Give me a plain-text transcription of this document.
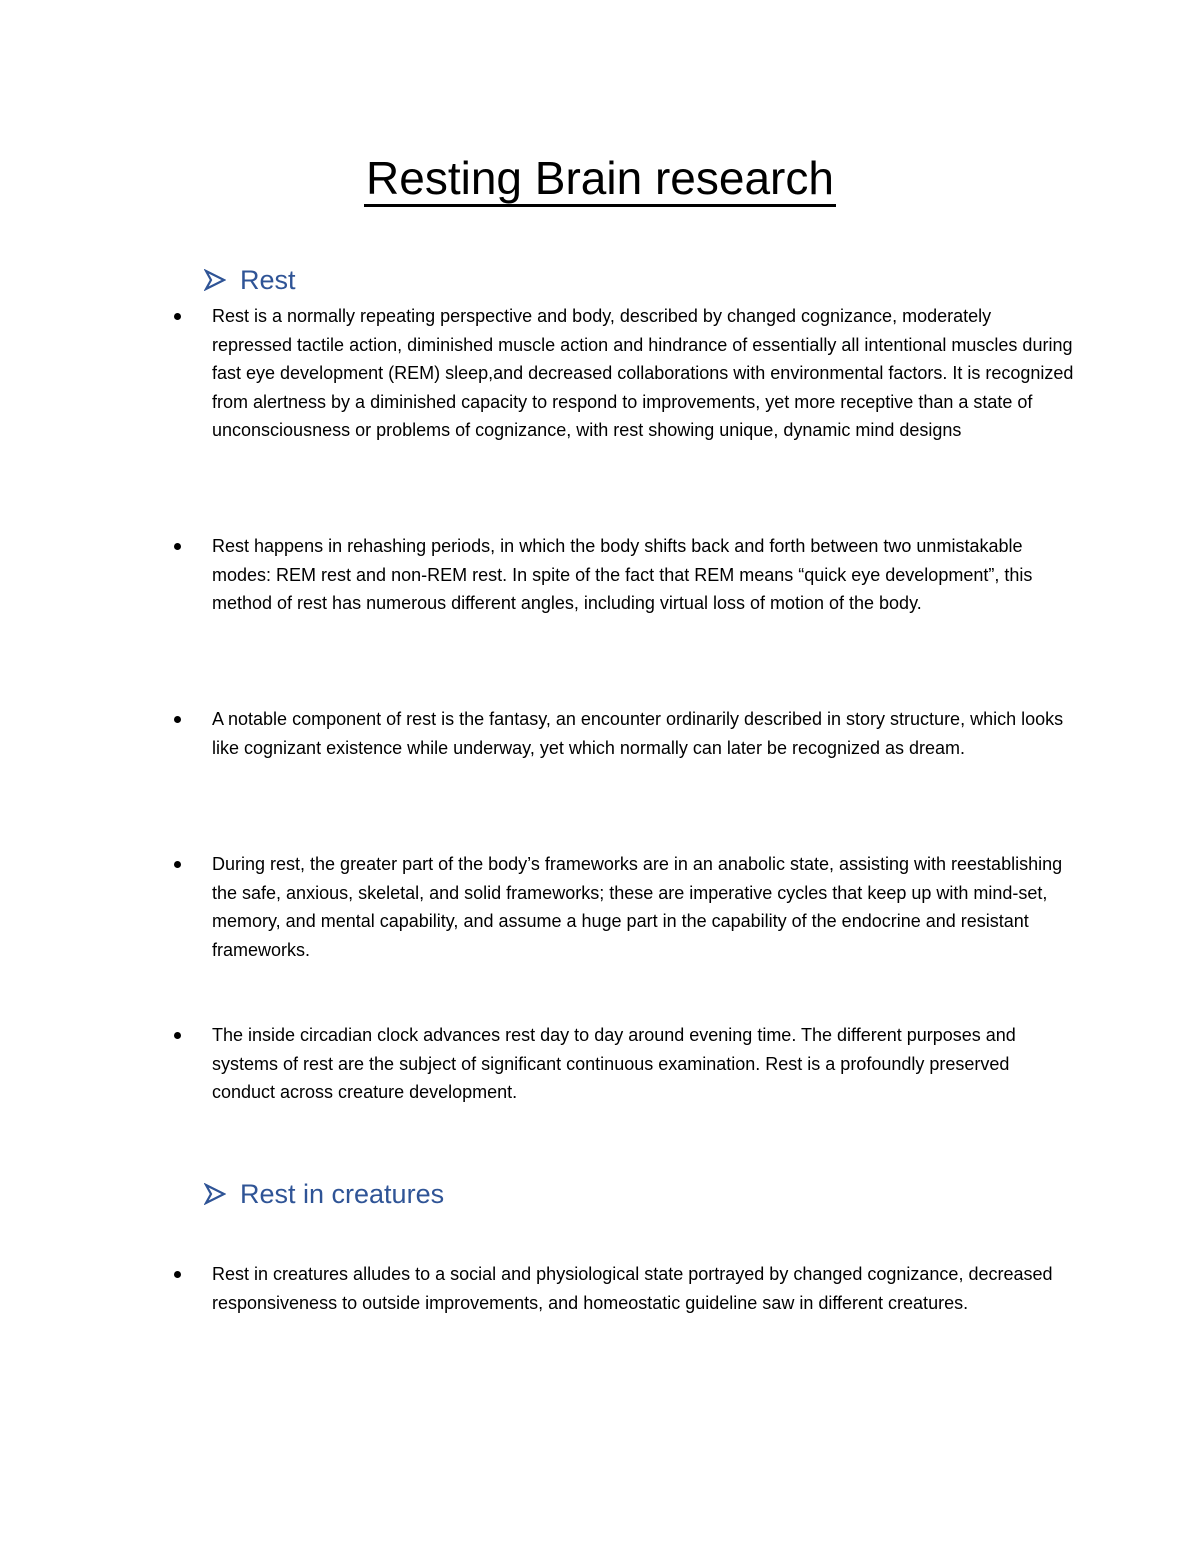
Resting Brain research
Rest
Rest is a normally repeating perspective and body, described by changed cognizance, moderately repressed tactile action, diminished muscle action and hindrance of essentially all intentional muscles during fast eye development (REM) sleep,and decreased collaborations with environmental factors. It is recognized from alertness by a diminished capacity to respond to improvements, yet more receptive than a state of unconsciousness or problems of cognizance, with rest showing unique, dynamic mind designs
Rest happens in rehashing periods, in which the body shifts back and forth between two unmistakable modes: REM rest and non-REM rest. In spite of the fact that REM means “quick eye development”, this method of rest has numerous different angles, including virtual loss of motion of the body.
A notable component of rest is the fantasy, an encounter ordinarily described in story structure, which looks like cognizant existence while underway, yet which normally can later be recognized as dream.
During rest, the greater part of the body’s frameworks are in an anabolic state, assisting with reestablishing the safe, anxious, skeletal, and solid frameworks; these are imperative cycles that keep up with mind-set, memory, and mental capability, and assume a huge part in the capability of the endocrine and resistant frameworks.
The inside circadian clock advances rest day to day around evening time. The different purposes and systems of rest are the subject of significant continuous examination. Rest is a profoundly preserved conduct across creature development.
Rest in creatures
Rest in creatures alludes to a social and physiological state portrayed by changed cognizance, decreased responsiveness to outside improvements, and homeostatic guideline saw in different creatures.
